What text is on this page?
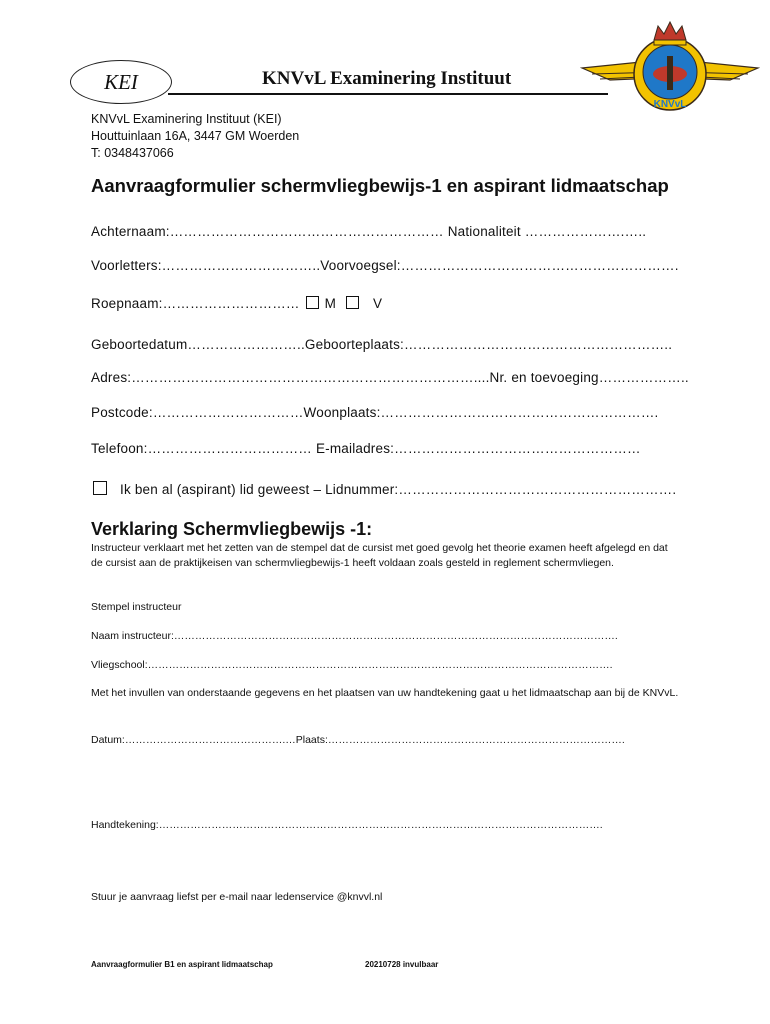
KEI	KNVvL Examinering Instituut
KNVvL
KNVvL Examinering Instituut (KEI)
Houttuinlaan 16A, 3447 GM Woerden
T: 0348437066
Aanvraagformulier schermvliegbewijs-1 en aspirant lidmaatschap
Achternaam:…………………………………………………… Nationaliteit ………………….…..
Voorletters:……………………………..Voorvoegsel:…………………………………………………….
Roepnaam:………………………… M	V
Geboortedatum……………………..Geboorteplaats:…………………………………………………..
Adres:…………………………………………………………………....Nr. en toevoeging………………..
Postcode:……………………………Woonplaats:…………………………………………………….
Telefoon:……………………………… E-mailadres:………………………………………………
Ik ben al (aspirant) lid geweest – Lidnummer:…………………………………………………….
Verklaring Schermvliegbewijs -1:
Instructeur verklaart met het zetten van de stempel dat de cursist met goed gevolg het theorie examen heeft afgelegd en dat de cursist aan de praktijkeisen van schermvliegbewijs-1 heeft voldaan zoals gesteld in reglement schermvliegen.
Stempel instructeur
Naam instructeur:……………………………………………………………………………………………………………….
Vliegschool:…………………………………………………………………………………………………………………….
Met het invullen van onderstaande gegevens en het plaatsen van uw handtekening gaat u het lidmaatschap aan bij de KNVvL.
Datum:……………………………………….…Plaats:………………………………………………………………………….
Handtekening:……………………………………………………………………………………………………………….
Stuur je aanvraag liefst per e-mail naar ledenservice @knvvl.nl
Aanvraagformulier B1 en aspirant lidmaatschap	20210728 invulbaar
